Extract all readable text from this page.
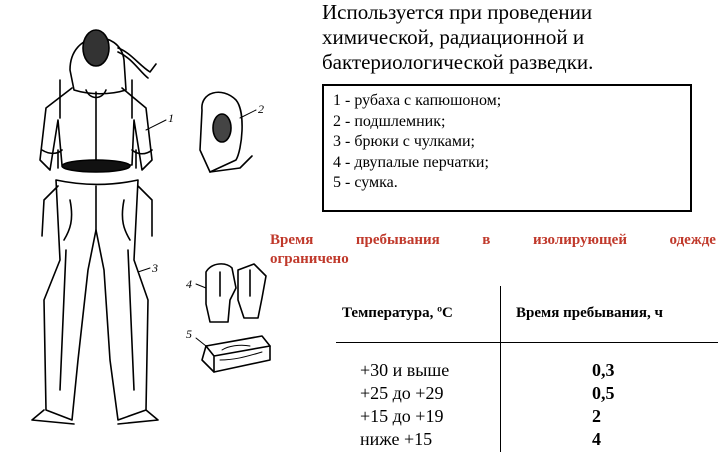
1
2
3
4
5

Используется при проведении

химической, радиационной и

бактериологической разведки.

1 - рубаха с капюшоном;
2 - подшлемник;
3 - брюки с чулками;
4 - двупалые перчатки;
5 - сумка.
Время	пребывания	в	изолирующей	одежде
ограничено
Температура, ºС	Время пребывания, ч
+30 и выше	0,3
+25 до +29	0,5
+15 до +19	2
ниже +15	4
